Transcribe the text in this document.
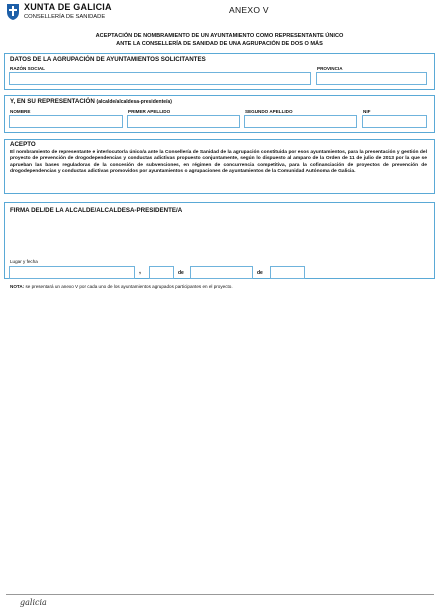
XUNTA DE GALICIA
CONSELLERÍA DE SANIDADE
ANEXO V
ACEPTACIÓN DE NOMBRAMIENTO DE UN AYUNTAMIENTO COMO REPRESENTANTE ÚNICO
ANTE LA CONSELLERÍA DE SANIDAD DE UNA AGRUPACIÓN DE DOS O MÁS
DATOS DE LA AGRUPACIÓN DE AYUNTAMIENTOS SOLICITANTES
RAZÓN SOCIAL	PROVINCIA
Y, EN SU REPRESENTACIÓN (alcalde/alcaldesa-presidente/a)
NOMBRE	PRIMER APELLIDO	SEGUNDO APELLIDO	NIF
ACEPTO

El nombramiento de representante e interlocutor/a único/a ante la Consellería de Sanidad de la agrupación constituida por esos ayuntamientos, para la presentación y gestión del proyecto de prevención de drogodependencias y conductas adictivas propuesto conjuntamente, según lo dispuesto al amparo de la Orden de 11 de julio de 2013 por la que se aprueban las bases reguladoras de la concesión de subvenciones, en régimen de concurrencia competitiva, para la cofinanciación de proyectos de prevención de drogodependencias y conductas adictivas promovidos por ayuntamientos o agrupaciones de ayuntamientos de la Comunidad Autónoma de Galicia.

FIRMA DEL/DE LA ALCALDE/ALCALDESA-PRESIDENTE/A
Lugar y fecha
,	de	de
NOTA: se presentará un anexo V por cada uno de los ayuntamientos agrupados participantes en el proyecto.
galicia
